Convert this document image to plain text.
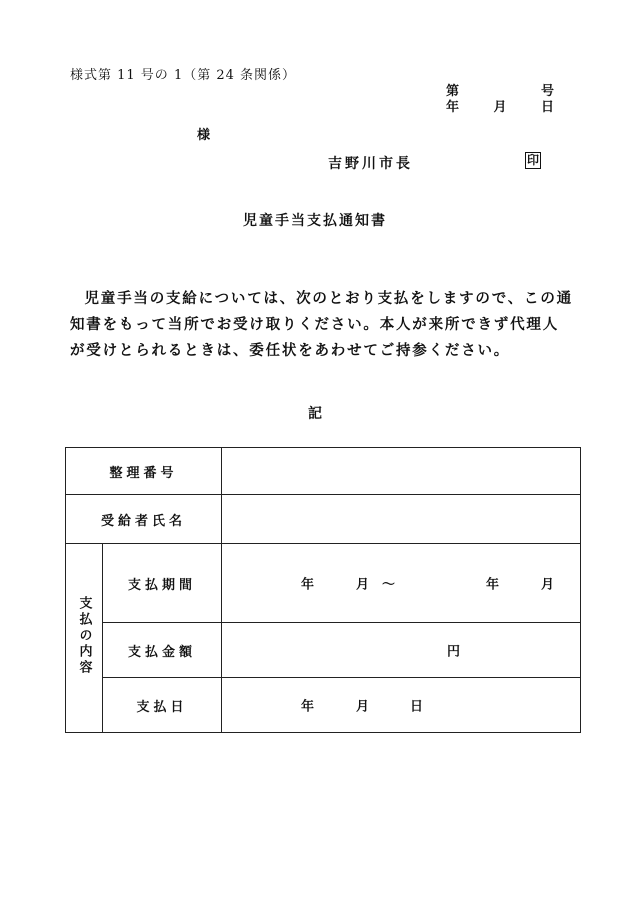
様式第 11 号の 1（第 24 条関係）
第	号
年	月	日
様
吉野川市長	印
児童手当支払通知書

児童手当の支給については、次のとおり支払をしますので、この通知書をもって当所でお受け取りください。本人が来所できず代理人が受けとられるときは、委任状をあわせてご持参ください。

記
整理番号		
受給者氏名		
支払の内容	支払期間	年 月 ～ 年 月

	支払金額	円

	支払日	年 月 日
